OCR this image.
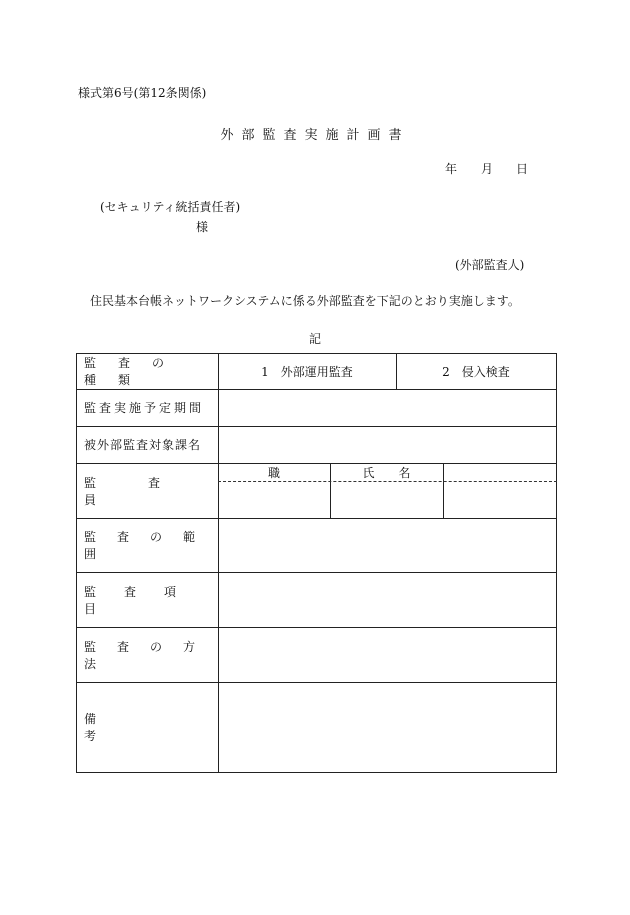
様式第6号(第12条関係)
外部監査実施計画書
年 月 日
(セキュリティ統括責任者)
様
(外部監査人)
住民基本台帳ネットワークシステムに係る外部監査を下記のとおり実施します。
記
監査の種類
1　外部運用監査	2　侵入検査
監査実施予定期間
被外部監査対象課名
監査員
職	氏　　名
監査の範囲
監査項目
監査の方法
備考
